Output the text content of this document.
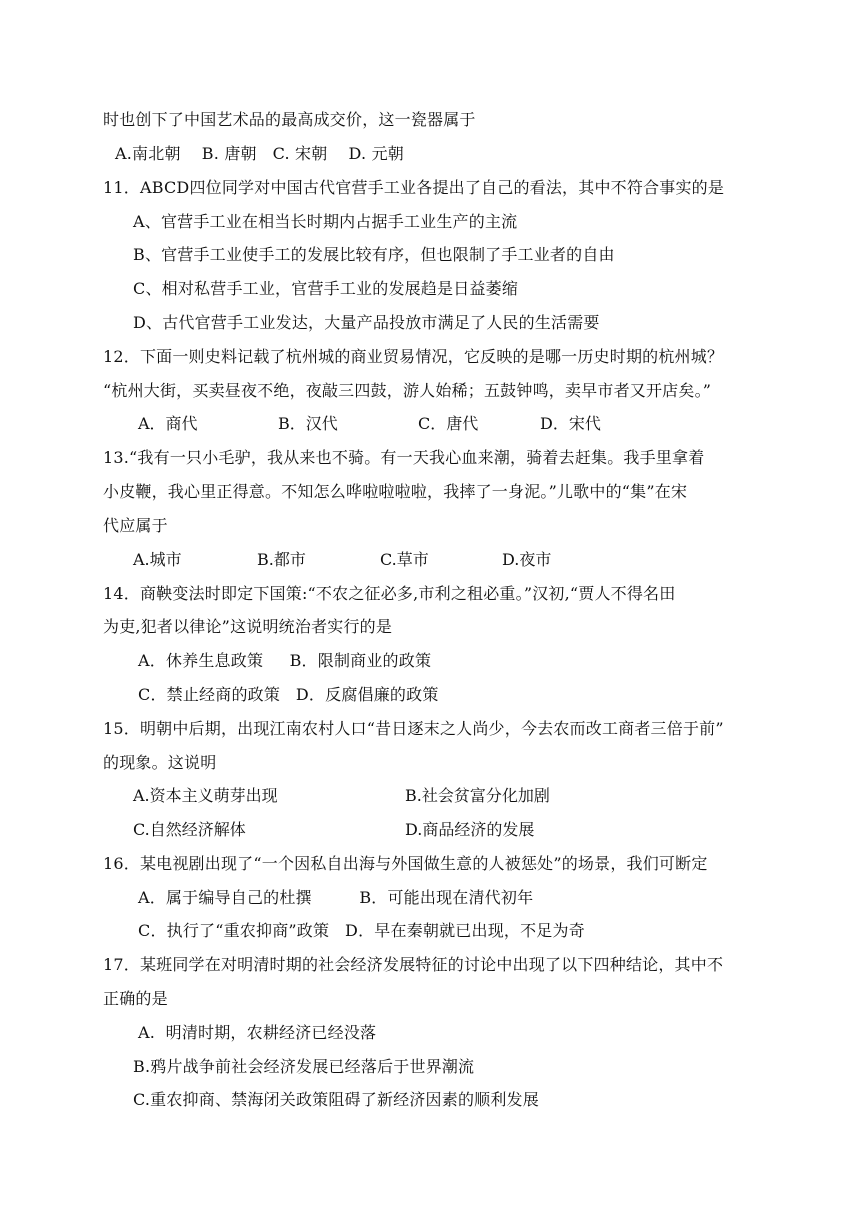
时也创下了中国艺术品的最高成交价，这一瓷器属于
A.南北朝    B. 唐朝   C. 宋朝    D. 元朝
11．ABCD四位同学对中国古代官营手工业各提出了自己的看法，其中不符合事实的是
A、官营手工业在相当长时期内占据手工业生产的主流
B、官营手工业使手工的发展比较有序，但也限制了手工业者的自由
C、相对私营手工业，官营手工业的发展趋是日益萎缩
D、古代官营手工业发达，大量产品投放市满足了人民的生活需要
12．下面一则史料记载了杭州城的商业贸易情况，它反映的是哪一历史时期的杭州城？
“杭州大街，买卖昼夜不绝，夜敲三四鼓，游人始稀；五鼓钟鸣，卖早市者又开店矣。”

A．商代

	B．汉代

	C．唐代

	D．宋代

13.“我有一只小毛驴，我从来也不骑。有一天我心血来潮，骑着去赶集。我手里拿着
小皮鞭，我心里正得意。不知怎么哗啦啦啦啦，我摔了一身泥。”儿歌中的“集”在宋
代应属于

A.城市

	B.都市

	C.草市

	D.夜市

14．商鞅变法时即定下国策:“不农之征必多,市利之租必重。”汉初,“贾人不得名田
为吏,犯者以律论”这说明统治者实行的是
A．休养生息政策     B．限制商业的政策
C．禁止经商的政策   D．反腐倡廉的政策
15．明朝中后期，出现江南农村人口“昔日逐末之人尚少，今去农而改工商者三倍于前”
的现象。这说明

A.资本主义萌芽出现

	B.社会贫富分化加剧

C.自然经济解体

	D.商品经济的发展

16．某电视剧出现了“一个因私自出海与外国做生意的人被惩处”的场景，我们可断定
A．属于编导自己的杜撰         B．可能出现在清代初年
C．执行了“重农抑商”政策   D．早在秦朝就已出现，不足为奇
17．某班同学在对明清时期的社会经济发展特征的讨论中出现了以下四种结论，其中不
正确的是
A.  明清时期，农耕经济已经没落
B.鸦片战争前社会经济发展已经落后于世界潮流
C.重农抑商、禁海闭关政策阻碍了新经济因素的顺利发展
